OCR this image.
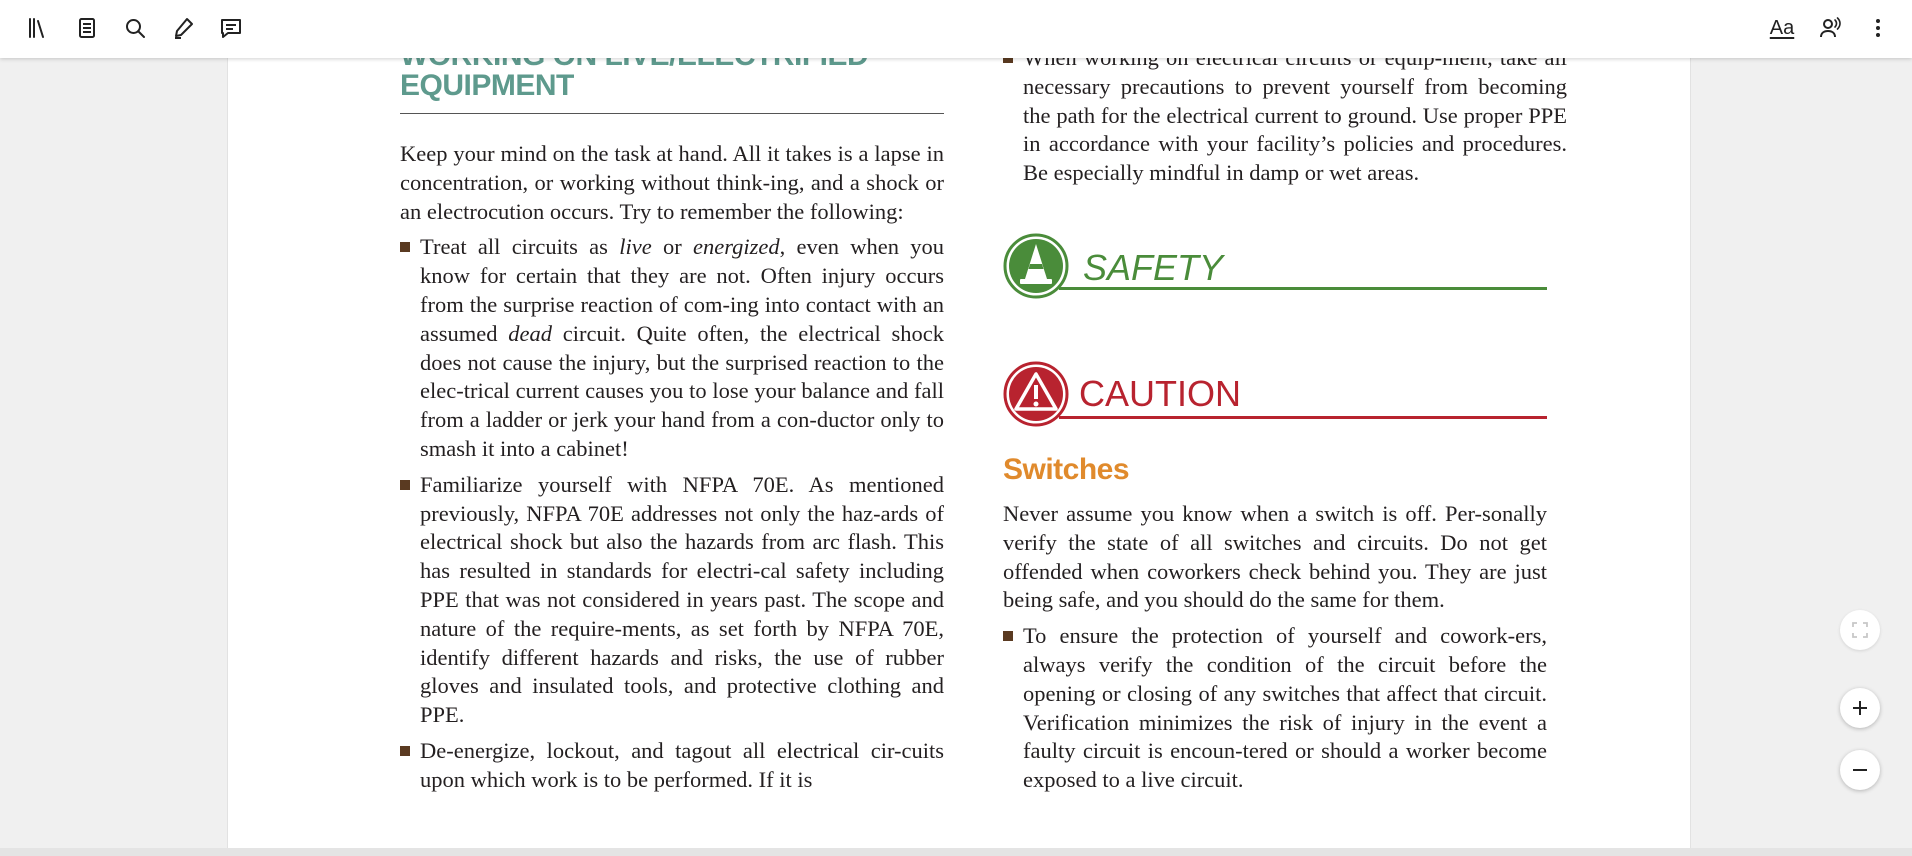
Aa
EQUIPMENT

Keep your mind on the task at hand. All it takes is a lapse in concentration, or working without think-ing, and a shock or an electrocution occurs. Try to remember the following:

Treat all circuits as live or energized, even when you know for certain that they are not. Often injury occurs from the surprise reaction of com-ing into contact with an assumed dead circuit. Quite often, the electrical shock does not cause the injury, but the surprised reaction to the elec-trical current causes you to lose your balance and fall from a ladder or jerk your hand from a con-ductor only to smash it into a cabinet!

Familiarize yourself with NFPA 70E. As mentioned previously, NFPA 70E addresses not only the haz-ards of electrical shock but also the hazards from arc flash. This has resulted in standards for electri-cal safety including PPE that was not considered in years past. The scope and nature of the require-ments, as set forth by NFPA 70E, identify different hazards and risks, the use of rubber gloves and insulated tools, and protective clothing and PPE.

De-energize, lockout, and tagout all electrical cir-cuits upon which work is to be performed. If it is

necessary precautions to prevent yourself from becoming the path for the electrical current to ground. Use proper PPE in accordance with your facility’s policies and procedures. Be especially mindful in damp or wet areas.

SAFETY
CAUTION
Switches

Never assume you know when a switch is off. Per-sonally verify the state of all switches and circuits. Do not get offended when coworkers check behind you. They are just being safe, and you should do the same for them.

To ensure the protection of yourself and cowork-ers, always verify the condition of the circuit before the opening or closing of any switches that affect that circuit. Verification minimizes the risk of injury in the event a faulty circuit is encoun-tered or should a worker become exposed to a live circuit.
